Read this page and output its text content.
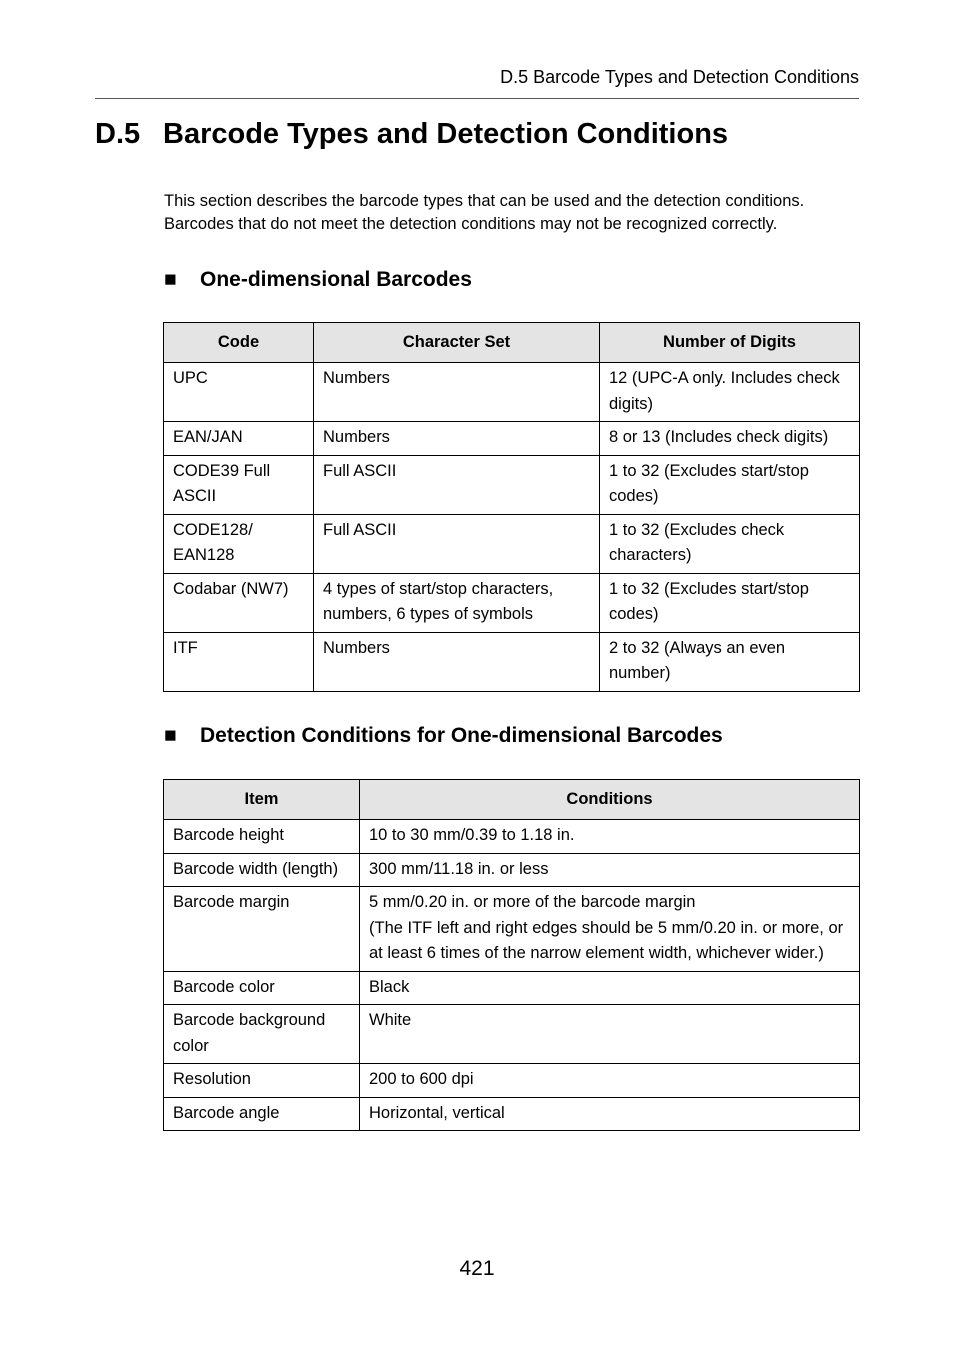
D.5 Barcode Types and Detection Conditions
D.5 Barcode Types and Detection Conditions

This section describes the barcode types that can be used and the detection conditions.
Barcodes that do not meet the detection conditions may not be recognized correctly.

■ One-dimensional Barcodes
Code	Character Set	Number of Digits
UPC	Numbers	12 (UPC-A only. Includes check digits)
EAN/JAN	Numbers	8 or 13 (Includes check digits)
CODE39 Full ASCII	Full ASCII	1 to 32 (Excludes start/stop codes)
CODE128/ EAN128	Full ASCII	1 to 32 (Excludes check characters)
Codabar (NW7)	4 types of start/stop characters, numbers, 6 types of symbols	1 to 32 (Excludes start/stop codes)
ITF	Numbers	2 to 32 (Always an even number)
■ Detection Conditions for One-dimensional Barcodes
Item	Conditions
Barcode height	10 to 30 mm/0.39 to 1.18 in.
Barcode width (length)	300 mm/11.18 in. or less
Barcode margin	5 mm/0.20 in. or more of the barcode margin
(The ITF left and right edges should be 5 mm/0.20 in. or more, or at least 6 times of the narrow element width, whichever wider.)
Barcode color	Black
Barcode background color	White
Resolution	200 to 600 dpi
Barcode angle	Horizontal, vertical
421
